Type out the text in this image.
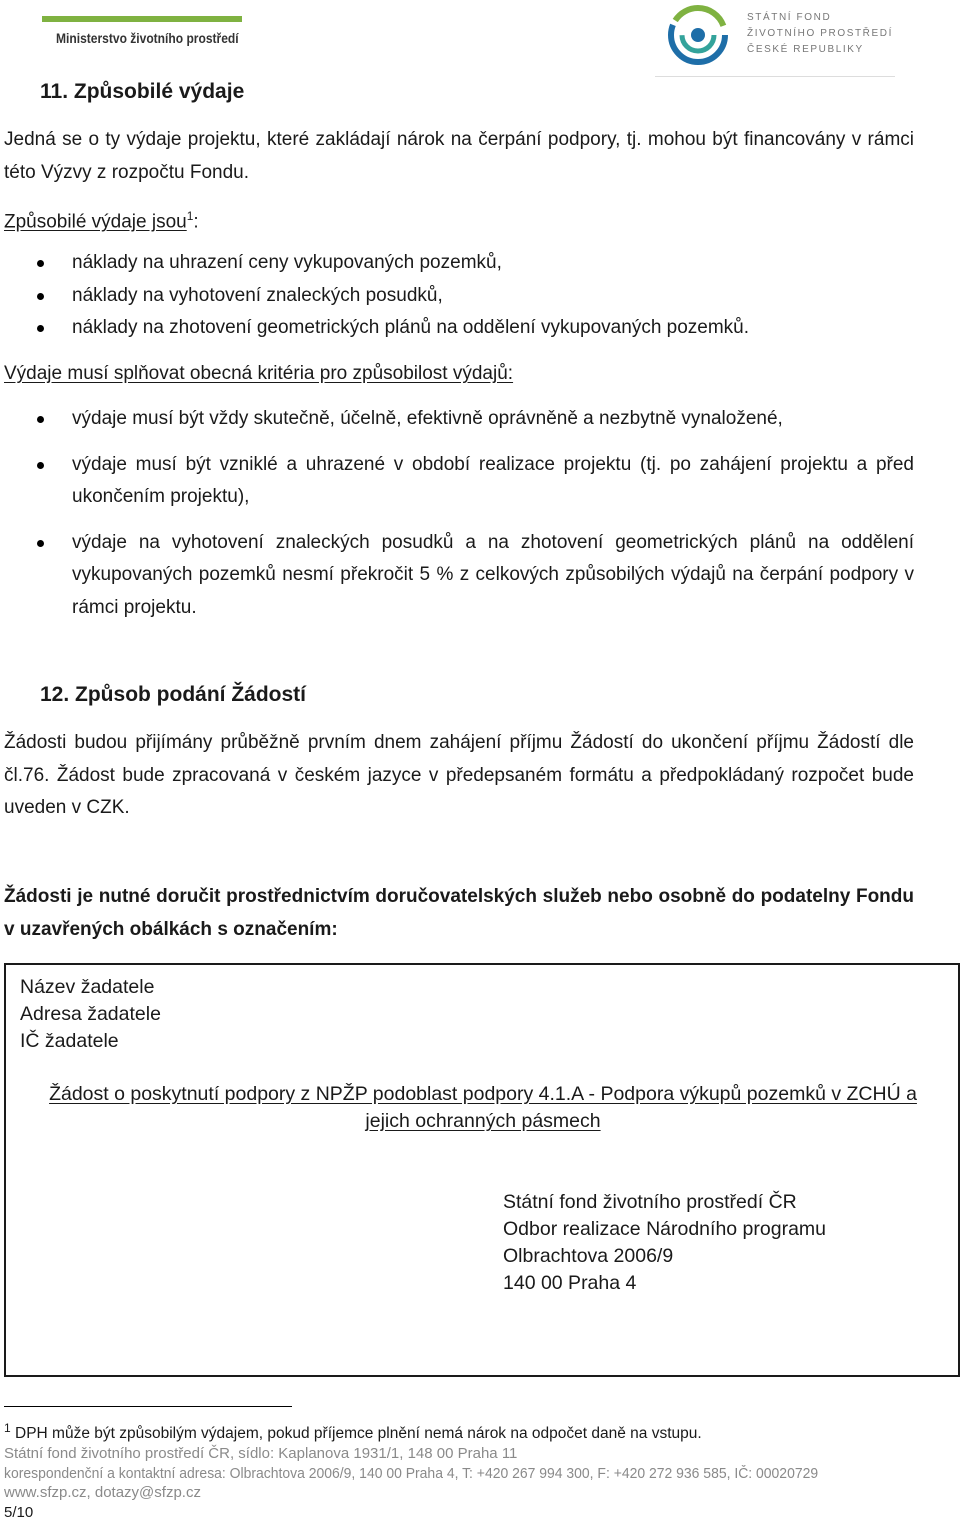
Ministerstvo životního prostředí
STÁTNÍ FOND
ŽIVOTNÍHO PROSTŘEDÍ
ČESKÉ REPUBLIKY
11. Způsobilé výdaje
Jedná se o ty výdaje projektu, které zakládají nárok na čerpání podpory, tj. mohou být financovány v rámci této Výzvy z rozpočtu Fondu.
Způsobilé výdaje jsou$^1$:
náklady na uhrazení ceny vykupovaných pozemků,
náklady na vyhotovení znaleckých posudků,
náklady na zhotovení geometrických plánů na oddělení vykupovaných pozemků.
Výdaje musí splňovat obecná kritéria pro způsobilost výdajů:
výdaje musí být vždy skutečně, účelně, efektivně oprávněně a nezbytně vynaložené,
výdaje musí být vzniklé a uhrazené v období realizace projektu (tj. po zahájení projektu a před ukončením projektu),
výdaje na vyhotovení znaleckých posudků a na zhotovení geometrických plánů na oddělení vykupovaných pozemků nesmí překročit 5 % z celkových způsobilých výdajů na čerpání podpory v rámci projektu.
12. Způsob podání Žádostí
Žádosti budou přijímány průběžně prvním dnem zahájení příjmu Žádostí do ukončení příjmu Žádostí dle čl.76. Žádost bude zpracovaná v českém jazyce v předepsaném formátu a předpokládaný rozpočet bude uveden v CZK.
Žádosti je nutné doručit prostřednictvím doručovatelských služeb nebo osobně do podatelny Fondu v uzavřených obálkách s označením:
Název žadatele
Adresa žadatele
IČ žadatele
Žádost o poskytnutí podpory z NPŽP podoblast podpory 4.1.A - Podpora výkupů pozemků v ZCHÚ a jejich ochranných pásmech
Státní fond životního prostředí ČR
Odbor realizace Národního programu
Olbrachtova 2006/9
140 00 Praha 4
$^1$ DPH může být způsobilým výdajem, pokud příjemce plnění nemá nárok na odpočet daně na vstupu.
Státní fond životního prostředí ČR, sídlo: Kaplanova 1931/1, 148 00 Praha 11
korespondenční a kontaktní adresa: Olbrachtova 2006/9, 140 00 Praha 4, T: +420 267 994 300, F: +420 272 936 585, IČ: 00020729
www.sfzp.cz, dotazy@sfzp.cz
5/10
